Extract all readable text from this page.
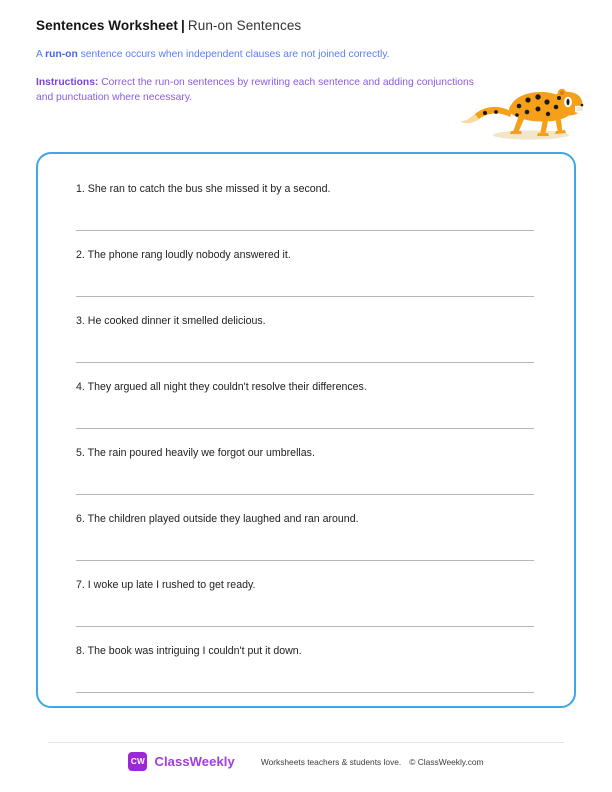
Sentences Worksheet | Run-on Sentences
A run-on sentence occurs when independent clauses are not joined correctly.
Instructions: Correct the run-on sentences by rewriting each sentence and adding conjunctions and punctuation where necessary.
1. She ran to catch the bus she missed it by a second.
2. The phone rang loudly nobody answered it.
3. He cooked dinner it smelled delicious.
4. They argued all night they couldn't resolve their differences.
5. The rain poured heavily we forgot our umbrellas.
6. The children played outside they laughed and ran around.
7. I woke up late I rushed to get ready.
8. The book was intriguing I couldn't put it down.
CW ClassWeekly	Worksheets teachers & students love. © ClassWeekly.com
